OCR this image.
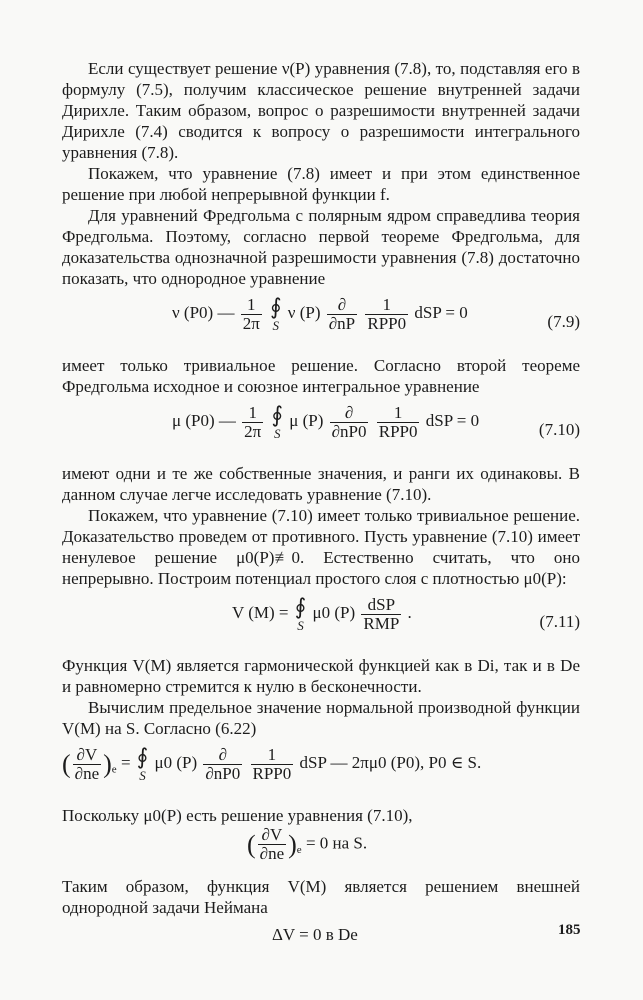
Если существует решение ν(P) уравнения (7.8), то, подставляя его в формулу (7.5), получим классическое решение внутренней задачи Дирихле. Таким образом, вопрос о разрешимости внутренней задачи Дирихле (7.4) сводится к вопросу о разрешимости интегрального уравнения (7.8).

Покажем, что уравнение (7.8) имеет и при этом единственное решение при любой непрерывной функции f.

Для уравнений Фредгольма с полярным ядром справедлива теория Фредгольма. Поэтому, согласно первой теореме Фредгольма, для доказательства однозначной разрешимости уравнения (7.8) достаточно показать, что однородное уравнение

ν (P0) — $\frac{1}{2\pi}$ ∮
S
ν $(P) \frac{\partial}{\partial nP}$
$\frac{1}{\text{RPP0}}$ dSP = 0	(7.9)

имеет только тривиальное решение. Согласно второй теореме Фредгольма исходное и союзное интегральное уравнение

μ (P0) — $\frac{1}{2\pi}$ ∮
S
μ $(P) \frac{\partial}{\partial nP0}$
$\frac{1}{\text{RPP0}}$ dSP = 0	(7.10)

имеют одни и те же собственные значения, и ранги их одинаковы. В данном случае легче исследовать уравнение (7.10).

Покажем, что уравнение (7.10) имеет только тривиальное решение. Доказательство проведем от противного. Пусть уравнение (7.10) имеет ненулевое решение μ0(P)≢0. Естественно считать, что оно непрерывно. Построим потенциал простого слоя с плотностью μ0(P):

V (M) = ∮
S
μ0 $(P) \frac{\text{dSP}}{\text{RMP}}$ .	(7.11)

Функция V(M) является гармонической функцией как в Di, так и в De и равномерно стремится к нулю в бесконечности.

Вычислим предельное значение нормальной производной функции V(M) на S. Согласно (6.22)

( $\frac{\partial V}{\partial ne} )_e$ = ∮
S
μ0 $(P) \frac{\partial}{\partial nP0}$
$\frac{1}{\text{RPP0}}$ dSP — 2πμ0 (P0), P0 ∈ S.

Поскольку μ0(P) есть решение уравнения (7.10),

( $\frac{\partial V}{\partial ne} )_e = 0$ на S.

Таким образом, функция V(M) является решением внешней однородной задачи Неймана

ΔV = 0 в De	185
